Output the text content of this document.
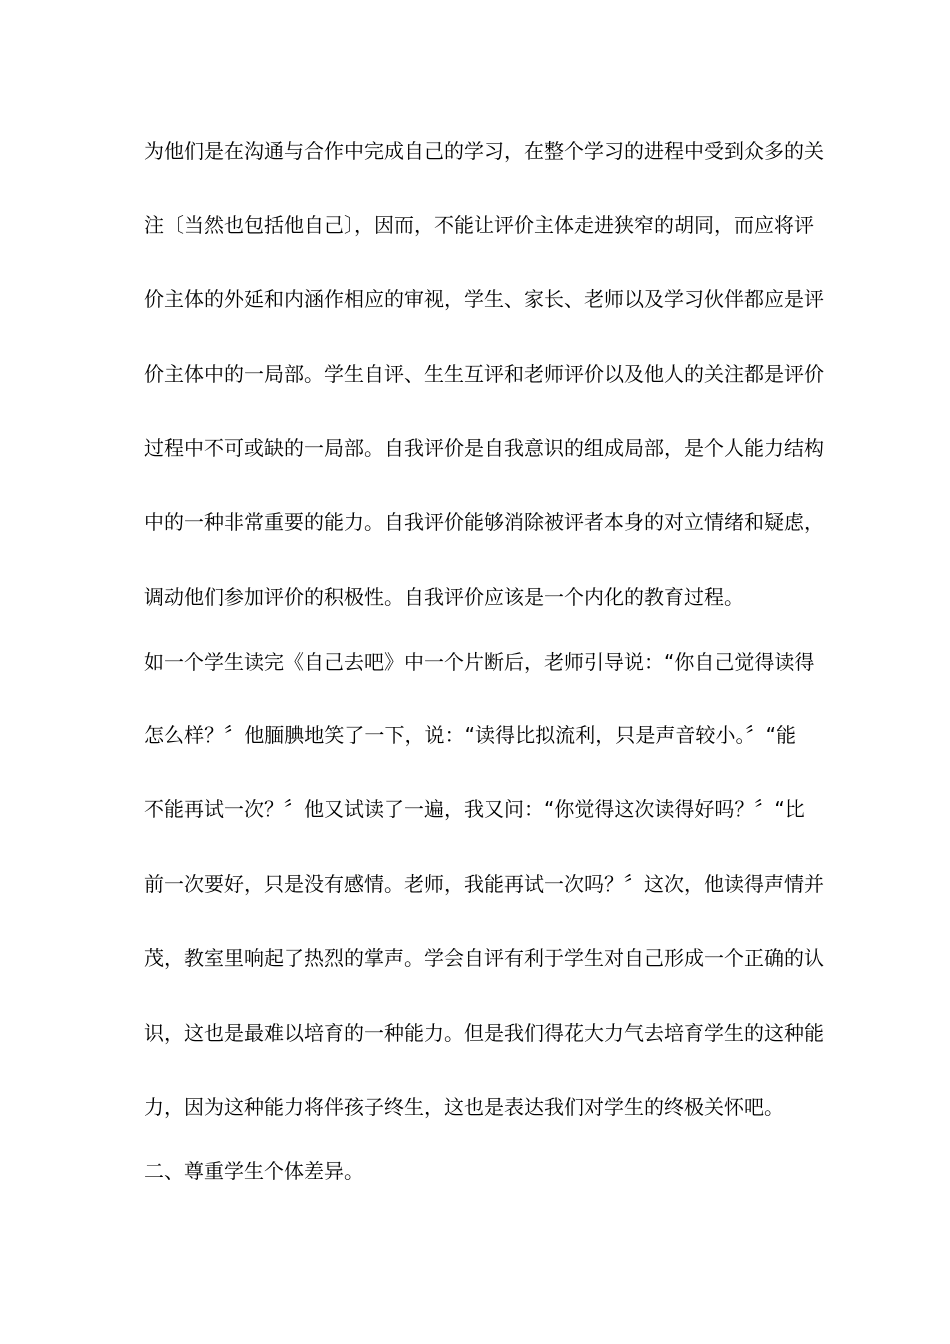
为他们是在沟通与合作中完成自己的学习，在整个学习的进程中受到众多的关
注〔当然也包括他自己〕，因而，不能让评价主体走进狭窄的胡同，而应将评
价主体的外延和内涵作相应的审视，学生、家长、老师以及学习伙伴都应是评
价主体中的一局部。学生自评、生生互评和老师评价以及他人的关注都是评价
过程中不可或缺的一局部。自我评价是自我意识的组成局部，是个人能力结构
中的一种非常重要的能力。自我评价能够消除被评者本身的对立情绪和疑虑，
调动他们参加评价的积极性。自我评价应该是一个内化的教育过程。
如一个学生读完《自己去吧》中一个片断后，老师引导说：“你自己觉得读得
怎么样？〞他腼腆地笑了一下，说：“读得比拟流利，只是声音较小。〞“能
不能再试一次？〞他又试读了一遍，我又问：“你觉得这次读得好吗？〞“比
前一次要好，只是没有感情。老师，我能再试一次吗？〞这次，他读得声情并
茂，教室里响起了热烈的掌声。学会自评有利于学生对自己形成一个正确的认
识，这也是最难以培育的一种能力。但是我们得花大力气去培育学生的这种能
力，因为这种能力将伴孩子终生，这也是表达我们对学生的终极关怀吧。
二、尊重学生个体差异。
